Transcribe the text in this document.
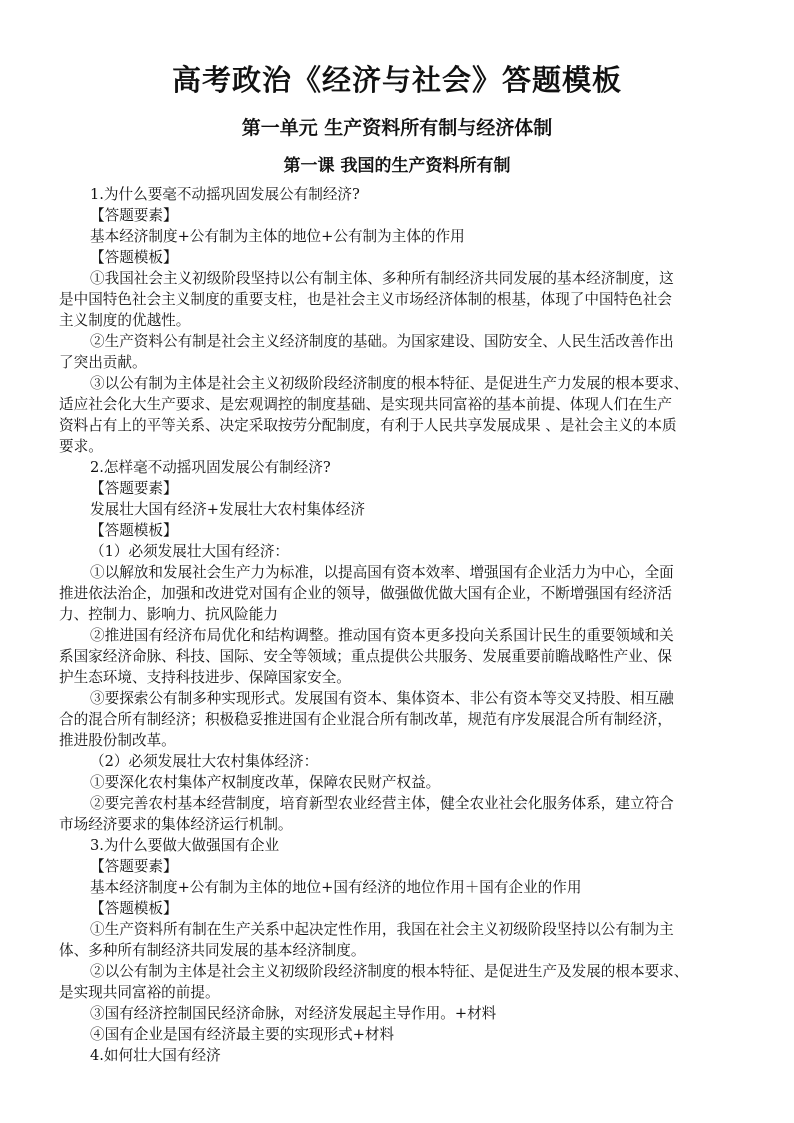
高考政治《经济与社会》答题模板
第一单元 生产资料所有制与经济体制
第一课 我国的生产资料所有制
1.为什么要毫不动摇巩固发展公有制经济?
【答题要素】
基本经济制度+公有制为主体的地位+公有制为主体的作用
【答题模板】
①我国社会主义初级阶段坚持以公有制主体、多种所有制经济共同发展的基本经济制度，这
是中国特色社会主义制度的重要支柱，也是社会主义市场经济体制的根基，体现了中国特色社会
主义制度的优越性。
②生产资料公有制是社会主义经济制度的基础。为国家建设、国防安全、人民生活改善作出
了突出贡献。
③以公有制为主体是社会主义初级阶段经济制度的根本特征、是促进生产力发展的根本要求、
适应社会化大生产要求、是宏观调控的制度基础、是实现共同富裕的基本前提、体现人们在生产
资料占有上的平等关系、决定采取按劳分配制度，有利于人民共享发展成果 、是社会主义的本质
要求。
2.怎样毫不动摇巩固发展公有制经济?
【答题要素】
发展壮大国有经济+发展壮大农村集体经济
【答题模板】
（1）必须发展壮大国有经济：
①以解放和发展社会生产力为标准，以提高国有资本效率、增强国有企业活力为中心，全面
推进依法治企，加强和改进党对国有企业的领导，做强做优做大国有企业，不断增强国有经济活
力、控制力、影响力、抗风险能力
②推进国有经济布局优化和结构调整。推动国有资本更多投向关系国计民生的重要领域和关
系国家经济命脉、科技、国际、安全等领域；重点提供公共服务、发展重要前瞻战略性产业、保
护生态环境、支持科技进步、保障国家安全。
③要探索公有制多种实现形式。发展国有资本、集体资本、非公有资本等交叉持股、相互融
合的混合所有制经济；积极稳妥推进国有企业混合所有制改革，规范有序发展混合所有制经济，
推进股份制改革。
（2）必须发展壮大农村集体经济：
①要深化农村集体产权制度改革，保障农民财产权益。
②要完善农村基本经营制度，培育新型农业经营主体，健全农业社会化服务体系，建立符合
市场经济要求的集体经济运行机制。
3.为什么要做大做强国有企业
【答题要素】
基本经济制度+公有制为主体的地位+国有经济的地位作用＋国有企业的作用
【答题模板】
①生产资料所有制在生产关系中起决定性作用，我国在社会主义初级阶段坚持以公有制为主
体、多种所有制经济共同发展的基本经济制度。
②以公有制为主体是社会主义初级阶段经济制度的根本特征、是促进生产及发展的根本要求、
是实现共同富裕的前提。
③国有经济控制国民经济命脉，对经济发展起主导作用。+材料
④国有企业是国有经济最主要的实现形式+材料
4.如何壮大国有经济
